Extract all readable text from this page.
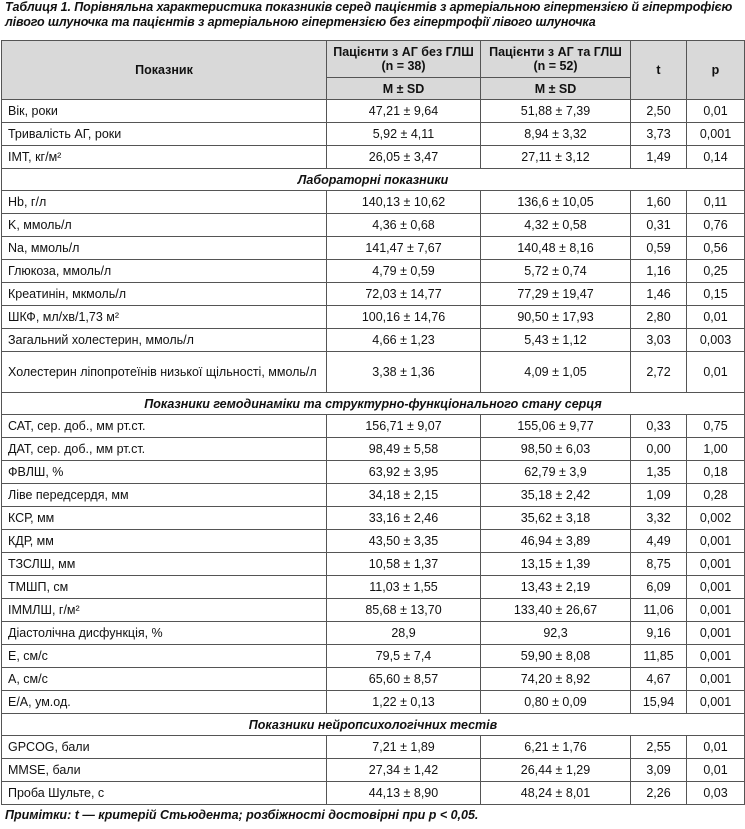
Таблиця 1. Порівняльна характеристика показників серед пацієнтів з артеріальною гіпертензією й гіпертрофією лівого шлуночка та пацієнтів з артеріальною гіпертензією без гіпертрофії лівого шлуночка
Показник	Пацієнти з АГ без ГЛШ (n = 38)	Пацієнти з АГ та ГЛШ (n = 52)	t	p
	M ± SD	M ± SD		
Вік, роки	47,21 ± 9,64	51,88 ± 7,39	2,50	0,01
Тривалість АГ, роки	5,92 ± 4,11	8,94 ± 3,32	3,73	0,001
ІМТ, кг/м²	26,05 ± 3,47	27,11 ± 3,12	1,49	0,14
Лабораторні показники				
Hb, г/л	140,13 ± 10,62	136,6 ± 10,05	1,60	0,11
K, ммоль/л	4,36 ± 0,68	4,32 ± 0,58	0,31	0,76
Na, ммоль/л	141,47 ± 7,67	140,48 ± 8,16	0,59	0,56
Глюкоза, ммоль/л	4,79 ± 0,59	5,72 ± 0,74	1,16	0,25
Креатинін, мкмоль/л	72,03 ± 14,77	77,29 ± 19,47	1,46	0,15
ШКФ, мл/хв/1,73 м²	100,16 ± 14,76	90,50 ± 17,93	2,80	0,01
Загальний холестерин, ммоль/л	4,66 ± 1,23	5,43 ± 1,12	3,03	0,003
Холестерин ліпопротеїнів низької щільності, ммоль/л	3,38 ± 1,36	4,09 ± 1,05	2,72	0,01
Показники гемодинаміки та структурно-функціонального стану серця				
САТ, сер. доб., мм рт.ст.	156,71 ± 9,07	155,06 ± 9,77	0,33	0,75
ДАТ, сер. доб., мм рт.ст.	98,49 ± 5,58	98,50 ± 6,03	0,00	1,00
ФВЛШ, %	63,92 ± 3,95	62,79 ± 3,9	1,35	0,18
Ліве передсердя, мм	34,18 ± 2,15	35,18 ± 2,42	1,09	0,28
КСР, мм	33,16 ± 2,46	35,62 ± 3,18	3,32	0,002
КДР, мм	43,50 ± 3,35	46,94 ± 3,89	4,49	0,001
ТЗСЛШ, мм	10,58 ± 1,37	13,15 ± 1,39	8,75	0,001
ТМШП, см	11,03 ± 1,55	13,43 ± 2,19	6,09	0,001
ІММЛШ, г/м²	85,68 ± 13,70	133,40 ± 26,67	11,06	0,001
Діастолічна дисфункція, %	28,9	92,3	9,16	0,001
E, см/с	79,5 ± 7,4	59,90 ± 8,08	11,85	0,001
A, см/с	65,60 ± 8,57	74,20 ± 8,92	4,67	0,001
E/A, ум.од.	1,22 ± 0,13	0,80 ± 0,09	15,94	0,001
Показники нейропсихологічних тестів				
GPCOG, бали	7,21 ± 1,89	6,21 ± 1,76	2,55	0,01
MMSE, бали	27,34 ± 1,42	26,44 ± 1,29	3,09	0,01
Проба Шульте, с	44,13 ± 8,90	48,24 ± 8,01	2,26	0,03
Примітки: t — критерій Стьюдента; розбіжності достовірні при p < 0,05.
